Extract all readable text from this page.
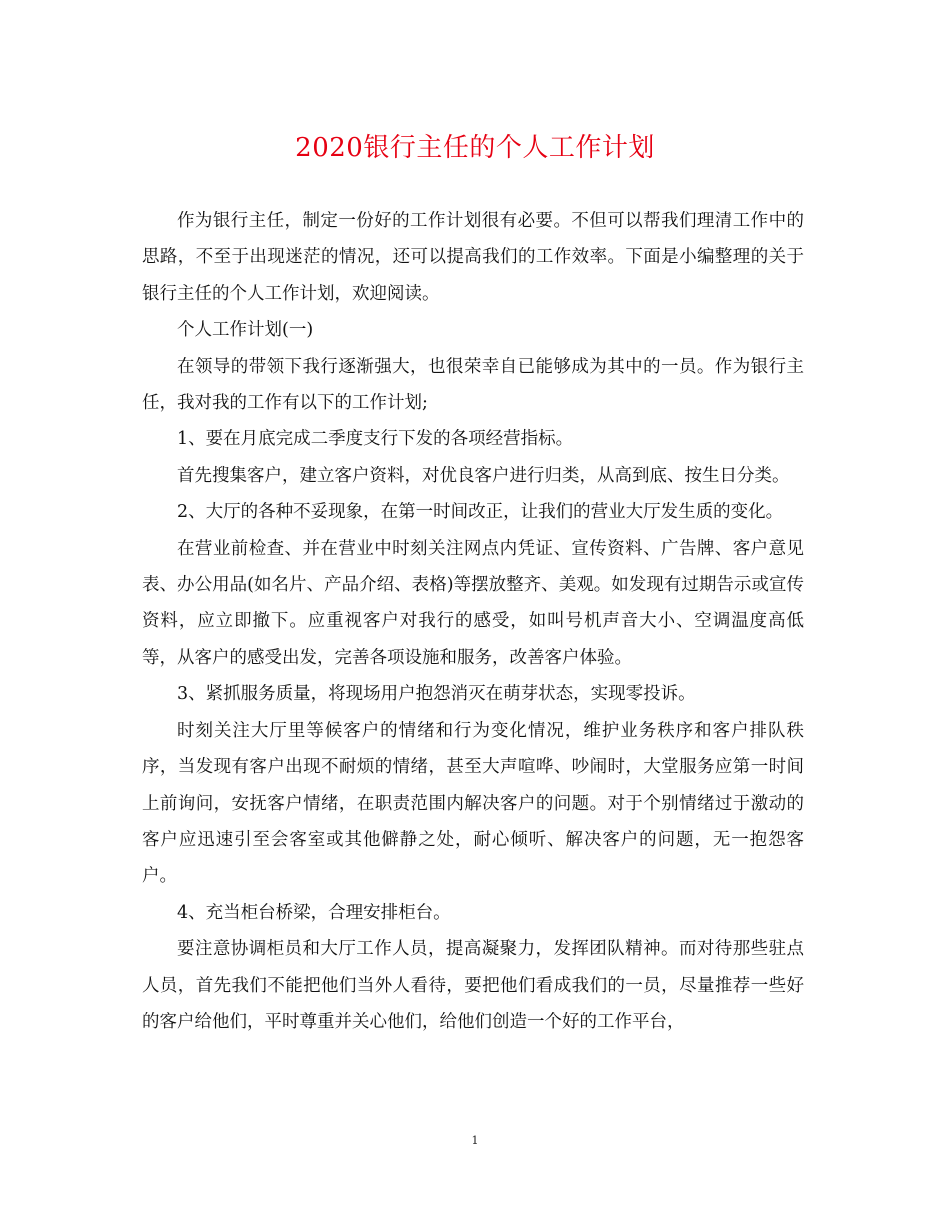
2020银行主任的个人工作计划

作为银行主任，制定一份好的工作计划很有必要。不但可以帮我们理清工作中的思路，不至于出现迷茫的情况，还可以提高我们的工作效率。下面是小编整理的关于银行主任的个人工作计划，欢迎阅读。

个人工作计划(一)

在领导的带领下我行逐渐强大，也很荣幸自已能够成为其中的一员。作为银行主任，我对我的工作有以下的工作计划;

1、要在月底完成二季度支行下发的各项经营指标。

首先搜集客户，建立客户资料，对优良客户进行归类，从高到底、按生日分类。

2、大厅的各种不妥现象，在第一时间改正，让我们的营业大厅发生质的变化。

在营业前检查、并在营业中时刻关注网点内凭证、宣传资料、广告牌、客户意见表、办公用品(如名片、产品介绍、表格)等摆放整齐、美观。如发现有过期告示或宣传资料，应立即撤下。应重视客户对我行的感受，如叫号机声音大小、空调温度高低等，从客户的感受出发，完善各项设施和服务，改善客户体验。

3、紧抓服务质量，将现场用户抱怨消灭在萌芽状态，实现零投诉。

时刻关注大厅里等候客户的情绪和行为变化情况，维护业务秩序和客户排队秩序，当发现有客户出现不耐烦的情绪，甚至大声喧哗、吵闹时，大堂服务应第一时间上前询问，安抚客户情绪，在职责范围内解决客户的问题。对于个别情绪过于激动的客户应迅速引至会客室或其他僻静之处，耐心倾听、解决客户的问题，无一抱怨客户。

4、充当柜台桥梁，合理安排柜台。

要注意协调柜员和大厅工作人员，提高凝聚力，发挥团队精神。而对待那些驻点人员，首先我们不能把他们当外人看待，要把他们看成我们的一员，尽量推荐一些好的客户给他们，平时尊重并关心他们，给他们创造一个好的工作平台，

1
